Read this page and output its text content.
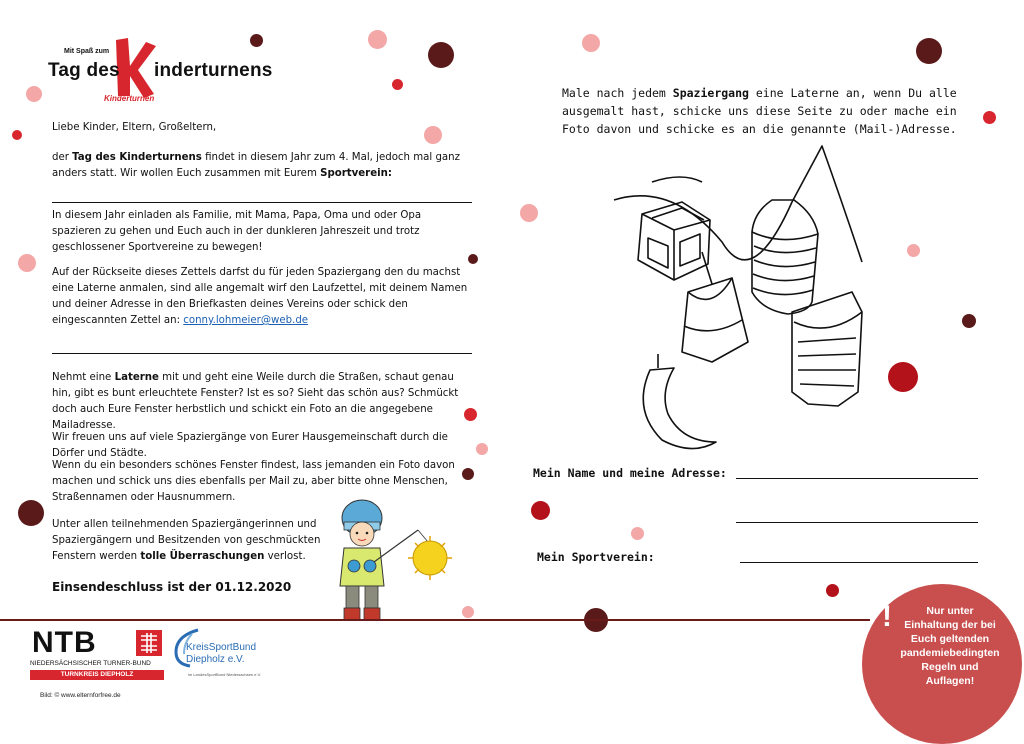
Mit Spaß zum
Tag des inderturnens
Kinderturnen
Liebe Kinder, Eltern, Großeltern,
der Tag des Kinderturnens findet in diesem Jahr zum 4. Mal, jedoch mal ganz anders statt. Wir wollen Euch zusammen mit Eurem Sportverein:
In diesem Jahr einladen als Familie, mit Mama, Papa, Oma und oder Opa spazieren zu gehen und Euch auch in der dunkleren Jahreszeit und trotz geschlossener Sportvereine zu bewegen!
Auf der Rückseite dieses Zettels darfst du für jeden Spaziergang den du machst eine Laterne anmalen, sind alle angemalt wirf den Laufzettel, mit deinem Namen und deiner Adresse in den Briefkasten deines Vereins oder schick den eingescannten Zettel an: conny.lohmeier@web.de
Nehmt eine Laterne mit und geht eine Weile durch die Straßen, schaut genau hin, gibt es bunt erleuchtete Fenster? Ist es so? Sieht das schön aus? Schmückt doch auch Eure Fenster herbstlich und schickt ein Foto an die angegebene Mailadresse.
Wir freuen uns auf viele Spaziergänge von Eurer Hausgemeinschaft durch die Dörfer und Städte.
Wenn du ein besonders schönes Fenster findest, lass jemanden ein Foto davon machen und schick uns dies ebenfalls per Mail zu, aber bitte ohne Menschen, Straßennamen oder Hausnummern.
Unter allen teilnehmenden Spaziergängerinnen und Spaziergängern und Besitzenden von geschmückten Fenstern werden tolle Überraschungen verlost.
Einsendeschluss ist der 01.12.2020
Male nach jedem Spaziergang eine Laterne an, wenn Du alle ausgemalt hast, schicke uns diese Seite zu oder mache ein Foto davon und schicke es an die genannte (Mail-)Adresse.
Mein Name und meine Adresse:
Mein Sportverein:
NTB
NIEDERSÄCHSISCHER TURNER-BUND
TURNKREIS DIEPHOLZ
KreisSportBund
Diepholz e.V.
im LandesSportBund Niedersachsen e.V.
Bild: © www.elternforfree.de
!	Nur unter Einhaltung der bei Euch geltenden pandemiebedingten Regeln und Auflagen!
